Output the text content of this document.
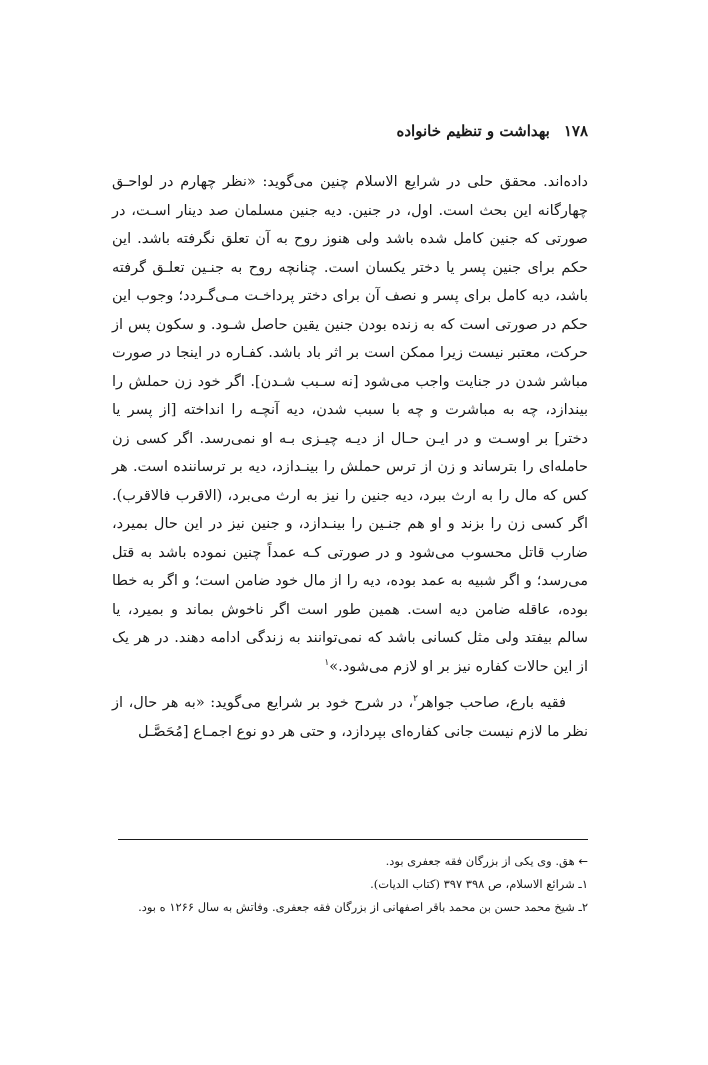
۱۷۸
بهداشت و تنظیم خانواده

داده‌اند. محقق حلی در شرایع الاسلام چنین می‌گوید: «نظر چهارم در لواحـق چهارگانه این بحث است. اول، در جنین. دیه جنین مسلمان صد دینار اسـت، در صورتی که جنین کامل شده باشد ولی هنوز روح به آن تعلق نگرفته باشد. این حکم برای جنین پسر یا دختر یکسان است. چنانچه روح به جنـین تعلـق گرفته باشد، دیه کامل برای پسر و نصف آن برای دختر پرداخـت مـی‌گـردد؛ وجوب این حکم در صورتی است که به زنده بودن جنین یقین حاصل شـود. و سکون پس از حرکت، معتبر نیست زیرا ممکن است بر اثر باد باشد. کفـاره در اینجا در صورت مباشر شدن در جنایت واجب می‌شود [نه سـبب شـدن]. اگر خود زن حملش را بیندازد، چه به مباشرت و چه با سبب شدن، دیه آنچـه را انداخته [از پسر یا دختر] بر اوسـت و در ایـن حـال از دیـه چیـزی بـه او نمی‌رسد. اگر کسی زن حامله‌ای را بترساند و زن از ترس حملش را بینـدازد، دیه بر ترساننده است. هر کس که مال را به ارث ببرد، دیه جنین را نیز به ارث می‌برد، (الاقرب فالاقرب). اگر کسی زن را بزند و او هم جنـین را بینـدازد، و جنین نیز در این حال بمیرد، ضارب قاتل محسوب می‌شود و در صورتی کـه عمداً چنین نموده باشد به قتل می‌رسد؛ و اگر شبیه به عمد بوده، دیه را از مال خود ضامن است؛ و اگر به خطا بوده، عاقله ضامن دیه است. همین طور است اگر ناخوش بماند و بمیرد، یا سالم بیفتد ولی مثل کسانی باشد که نمی‌توانند به زندگی ادامه دهند. در هر یک از این حالات کفاره نیز بر او لازم می‌شود.»$^۱$

فقیه بارع، صاحب جواهر$^۲$، در شرح خود بر شرایع می‌گوید: «به هر حال، از نظر ما لازم نیست جانی کفاره‌ای بپردازد، و حتی هر دو نوع اجمـاع [مُحَصَّـل

← هق. وی یکی از بزرگان فقه جعفری بود.
۱ـ شرائع الاسلام، ص ۳۹۸ ۳۹۷ (کتاب الدیات).
۲ـ شیخ محمد حسن بن محمد باقر اصفهانی از بزرگان فقه جعفری. وفاتش به سال ۱۲۶۶ ه بود.
